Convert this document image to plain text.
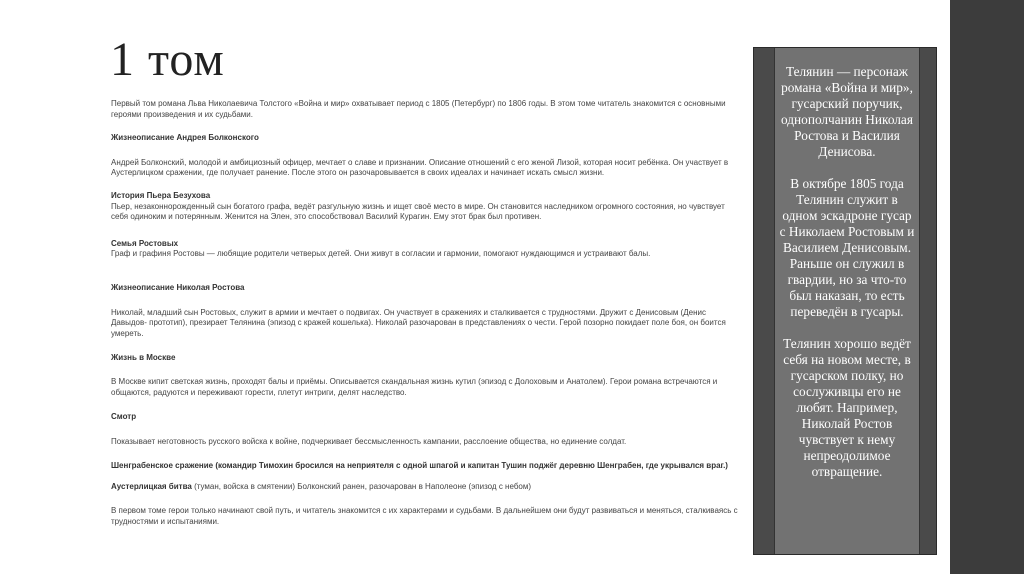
1 том

Первый том романа Льва Николаевича Толстого «Война и мир» охватывает период с 1805 (Петербург) по 1806 годы. В этом томе читатель знакомится с основными героями произведения и их судьбами.

Жизнеописание Андрея Болконского

Андрей Болконский, молодой и амбициозный офицер, мечтает о славе и признании. Описание отношений с его женой Лизой, которая носит ребёнка. Он участвует в Аустерлицком сражении, где получает ранение. После этого он разочаровывается в своих идеалах и начинает искать смысл жизни.

История Пьера Безухова

Пьер, незаконнорожденный сын богатого графа, ведёт разгульную жизнь и ищет своё место в мире. Он становится наследником огромного состояния, но чувствует себя одиноким и потерянным. Женится на Элен, это способствовал Василий Курагин. Ему этот брак был противен.

Семья Ростовых

Граф и графиня Ростовы — любящие родители четверых детей. Они живут в согласии и гармонии, помогают нуждающимся и устраивают балы.

Жизнеописание Николая Ростова

Николай, младший сын Ростовых, служит в армии и мечтает о подвигах. Он участвует в сражениях и сталкивается с трудностями. Дружит с Денисовым (Денис Давыдов- прототип), презирает Телянина (эпизод с кражей кошелька). Николай разочарован в представлениях о чести. Герой позорно покидает поле боя, он боится умереть.

Жизнь в Москве

В Москве кипит светская жизнь, проходят балы и приёмы. Описывается скандальная жизнь кутил (эпизод с Долоховым и Анатолем). Герои романа встречаются и общаются, радуются и переживают горести, плетут интриги, делят наследство.

Смотр

Показывает неготовность русского войска к войне, подчеркивает бессмысленность кампании, расслоение общества, но единение солдат.

Шенграбенское сражение (командир Тимохин бросился на неприятеля с одной шпагой и капитан Тушин поджёг деревню Шенграбен, где укрывался враг.)

Аустерлицкая битва (туман, войска в смятении) Болконский ранен, разочарован в Наполеоне (эпизод с небом)

В первом томе герои только начинают свой путь, и читатель знакомится с их характерами и судьбами. В дальнейшем они будут развиваться и меняться, сталкиваясь с трудностями и испытаниями.

Телянин — персонаж романа «Война и мир», гусарский поручик, однополчанин Николая Ростова и Василия Денисова.

В октябре 1805 года Телянин служит в одном эскадроне гусар с Николаем Ростовым и Василием Денисовым. Раньше он служил в гвардии, но за что-то был наказан, то есть переведён в гусары.

Телянин хорошо ведёт себя на новом месте, в гусарском полку, но сослуживцы его не любят. Например, Николай Ростов чувствует к нему непреодолимое отвращение.
